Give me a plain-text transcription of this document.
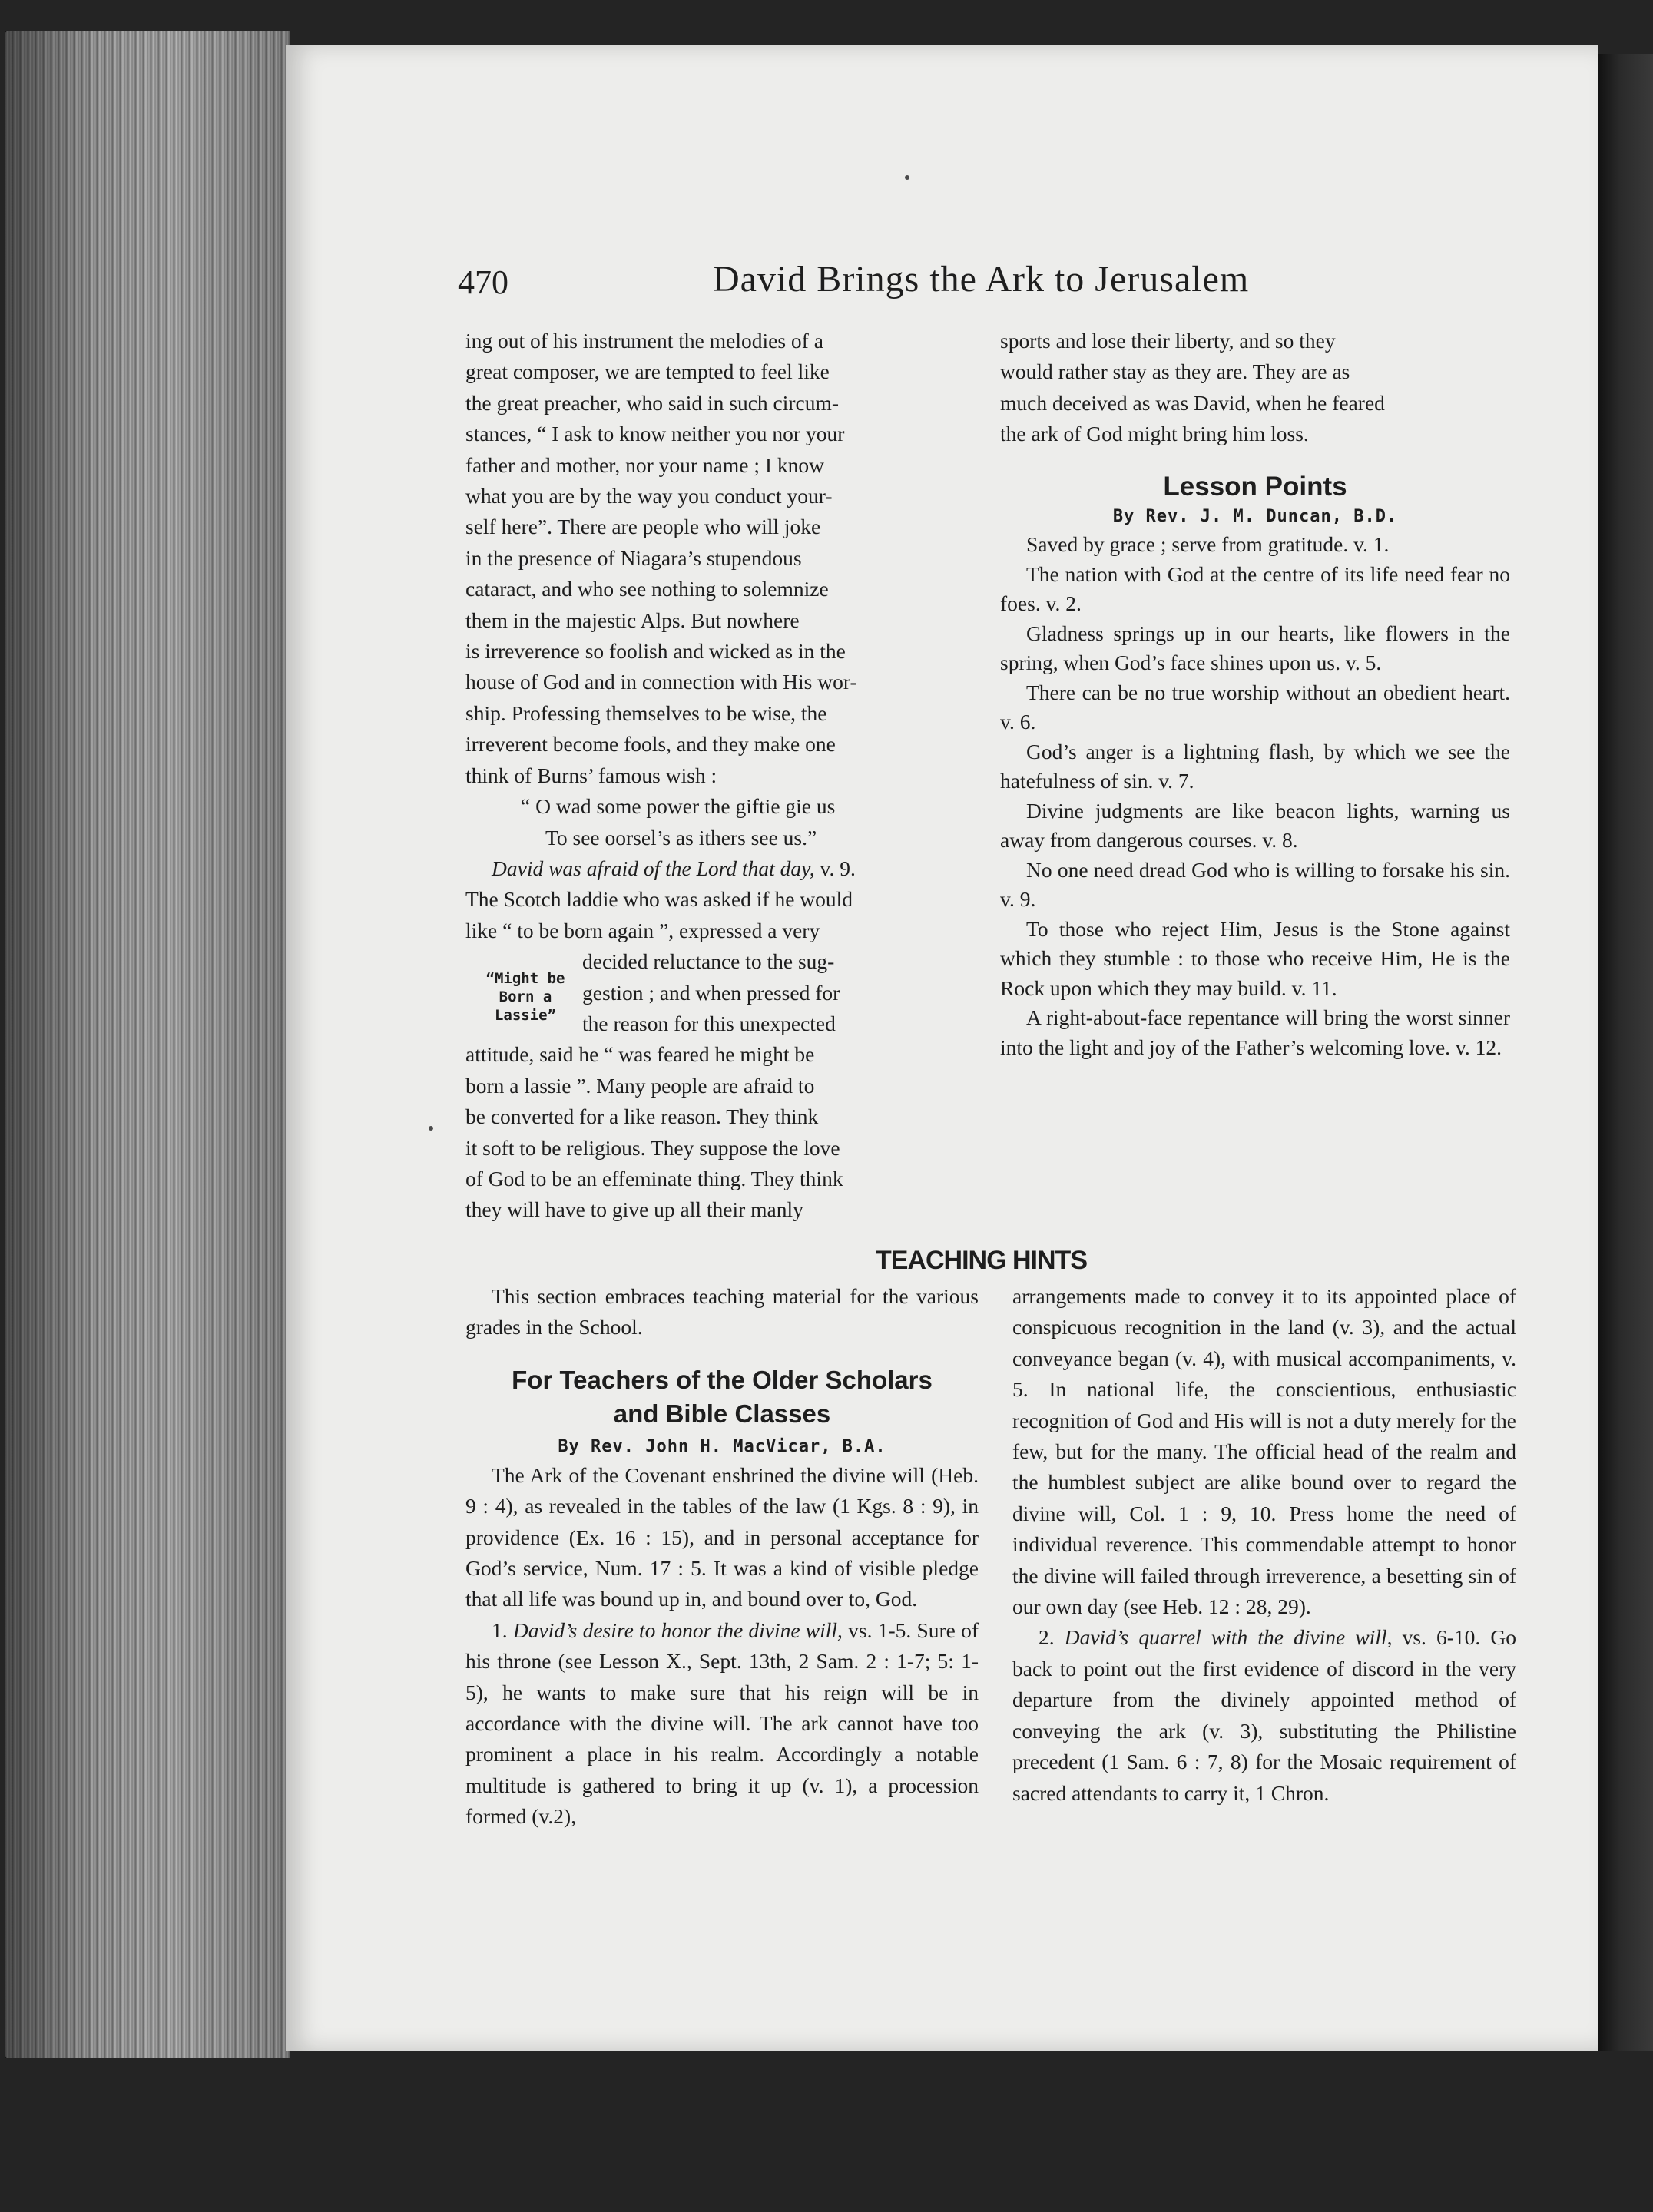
470	David Brings the Ark to Jerusalem
ing out of his instrument the melodies of a
great composer, we are tempted to feel like
the great preacher, who said in such circum-
stances, “ I ask to know neither you nor your
father and mother, nor your name ; I know
what you are by the way you conduct your-
self here”. There are people who will joke
in the presence of Niagara’s stupendous
cataract, and who see nothing to solemnize
them in the majestic Alps. But nowhere
is irreverence so foolish and wicked as in the
house of God and in connection with His wor-
ship. Professing themselves to be wise, the
irreverent become fools, and they make one
think of Burns’ famous wish :
“ O wad some power the giftie gie us
To see oorsel’s as ithers see us.”
David was afraid of the Lord that day, v. 9.
The Scotch laddie who was asked if he would
like “ to be born again ”, expressed a very
“Might be Born a Lassie”
decided reluctance to the sug-
gestion ; and when pressed for
the reason for this unexpected
attitude, said he “ was feared he might be
born a lassie ”. Many people are afraid to
be converted for a like reason. They think
it soft to be religious. They suppose the love
of God to be an effeminate thing. They think
they will have to give up all their manly
sports and lose their liberty, and so they
would rather stay as they are. They are as
much deceived as was David, when he feared
the ark of God might bring him loss.
Lesson Points
By Rev. J. M. Duncan, B.D.

Saved by grace ; serve from gratitude. v. 1.

The nation with God at the centre of its life need fear no foes. v. 2.

Gladness springs up in our hearts, like flowers in the spring, when God’s face shines upon us. v. 5.

There can be no true worship without an obedient heart. v. 6.

God’s anger is a lightning flash, by which we see the hatefulness of sin. v. 7.

Divine judgments are like beacon lights, warning us away from dangerous courses. v. 8.

No one need dread God who is willing to forsake his sin. v. 9.

To those who reject Him, Jesus is the Stone against which they stumble : to those who receive Him, He is the Rock upon which they may build. v. 11.

A right-about-face repentance will bring the worst sinner into the light and joy of the Father’s welcoming love. v. 12.

TEACHING HINTS

This section embraces teaching material for the various grades in the School.

For Teachers of the Older Scholars
and Bible Classes
By Rev. John H. MacVicar, B.A.

The Ark of the Covenant enshrined the divine will (Heb. 9 : 4), as revealed in the tables of the law (1 Kgs. 8 : 9), in providence (Ex. 16 : 15), and in personal acceptance for God’s service, Num. 17 : 5. It was a kind of visible pledge that all life was bound up in, and bound over to, God.

1. David’s desire to honor the divine will, vs. 1-5. Sure of his throne (see Lesson X., Sept. 13th, 2 Sam. 2 : 1-7; 5: 1-5), he wants to make sure that his reign will be in accordance with the divine will. The ark cannot have too prominent a place in his realm. Accordingly a notable multitude is gathered to bring it up (v. 1), a procession formed (v.2),

arrangements made to convey it to its appointed place of conspicuous recognition in the land (v. 3), and the actual conveyance began (v. 4), with musical accompaniments, v. 5. In national life, the conscientious, enthusiastic recognition of God and His will is not a duty merely for the few, but for the many. The official head of the realm and the humblest subject are alike bound over to regard the divine will, Col. 1 : 9, 10. Press home the need of individual reverence. This commendable attempt to honor the divine will failed through irreverence, a besetting sin of our own day (see Heb. 12 : 28, 29).

2. David’s quarrel with the divine will, vs. 6-10. Go back to point out the first evidence of discord in the very departure from the divinely appointed method of conveying the ark (v. 3), substituting the Philistine precedent (1 Sam. 6 : 7, 8) for the Mosaic requirement of sacred attendants to carry it, 1 Chron.
